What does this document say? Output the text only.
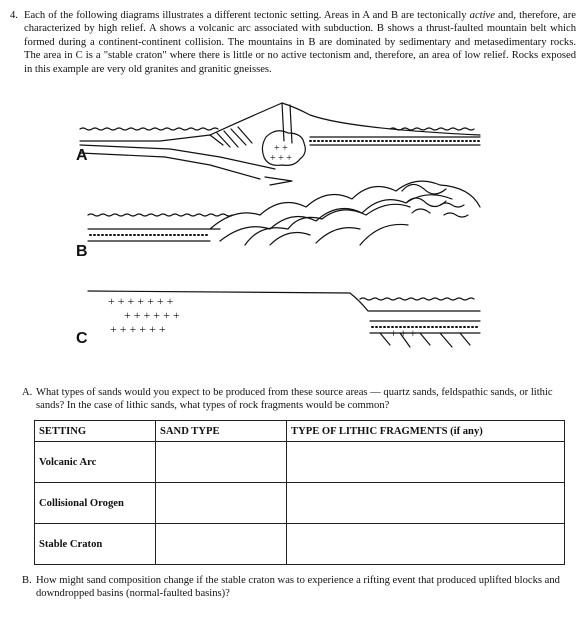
4. Each of the following diagrams illustrates a different tectonic setting. Areas in A and B are tectonically active and, therefore, are characterized by high relief. A shows a volcanic arc associated with subduction. B shows a thrust-faulted mountain belt which formed during a continent-continent collision. The mountains in B are dominated by sedimentary and metasedimentary rocks. The area in C is a "stable craton" where there is little or no active tectonism and, therefore, an area of low relief. Rocks exposed in this example are very old granites and granitic gneisses.
+ +
+ + +
+ + + + + + +
+ + + + + +
+ + + + + +	+ + +
A
B
C
A. What types of sands would you expect to be produced from these source areas — quartz sands, feldspathic sands, or lithic sands? In the case of lithic sands, what types of rock fragments would be common?
SETTING	SAND TYPE	TYPE OF LITHIC FRAGMENTS (if any)
Volcanic Arc		
Collisional Orogen		
Stable Craton		
B. How might sand composition change if the stable craton was to experience a rifting event that produced uplifted blocks and downdropped basins (normal-faulted basins)?
